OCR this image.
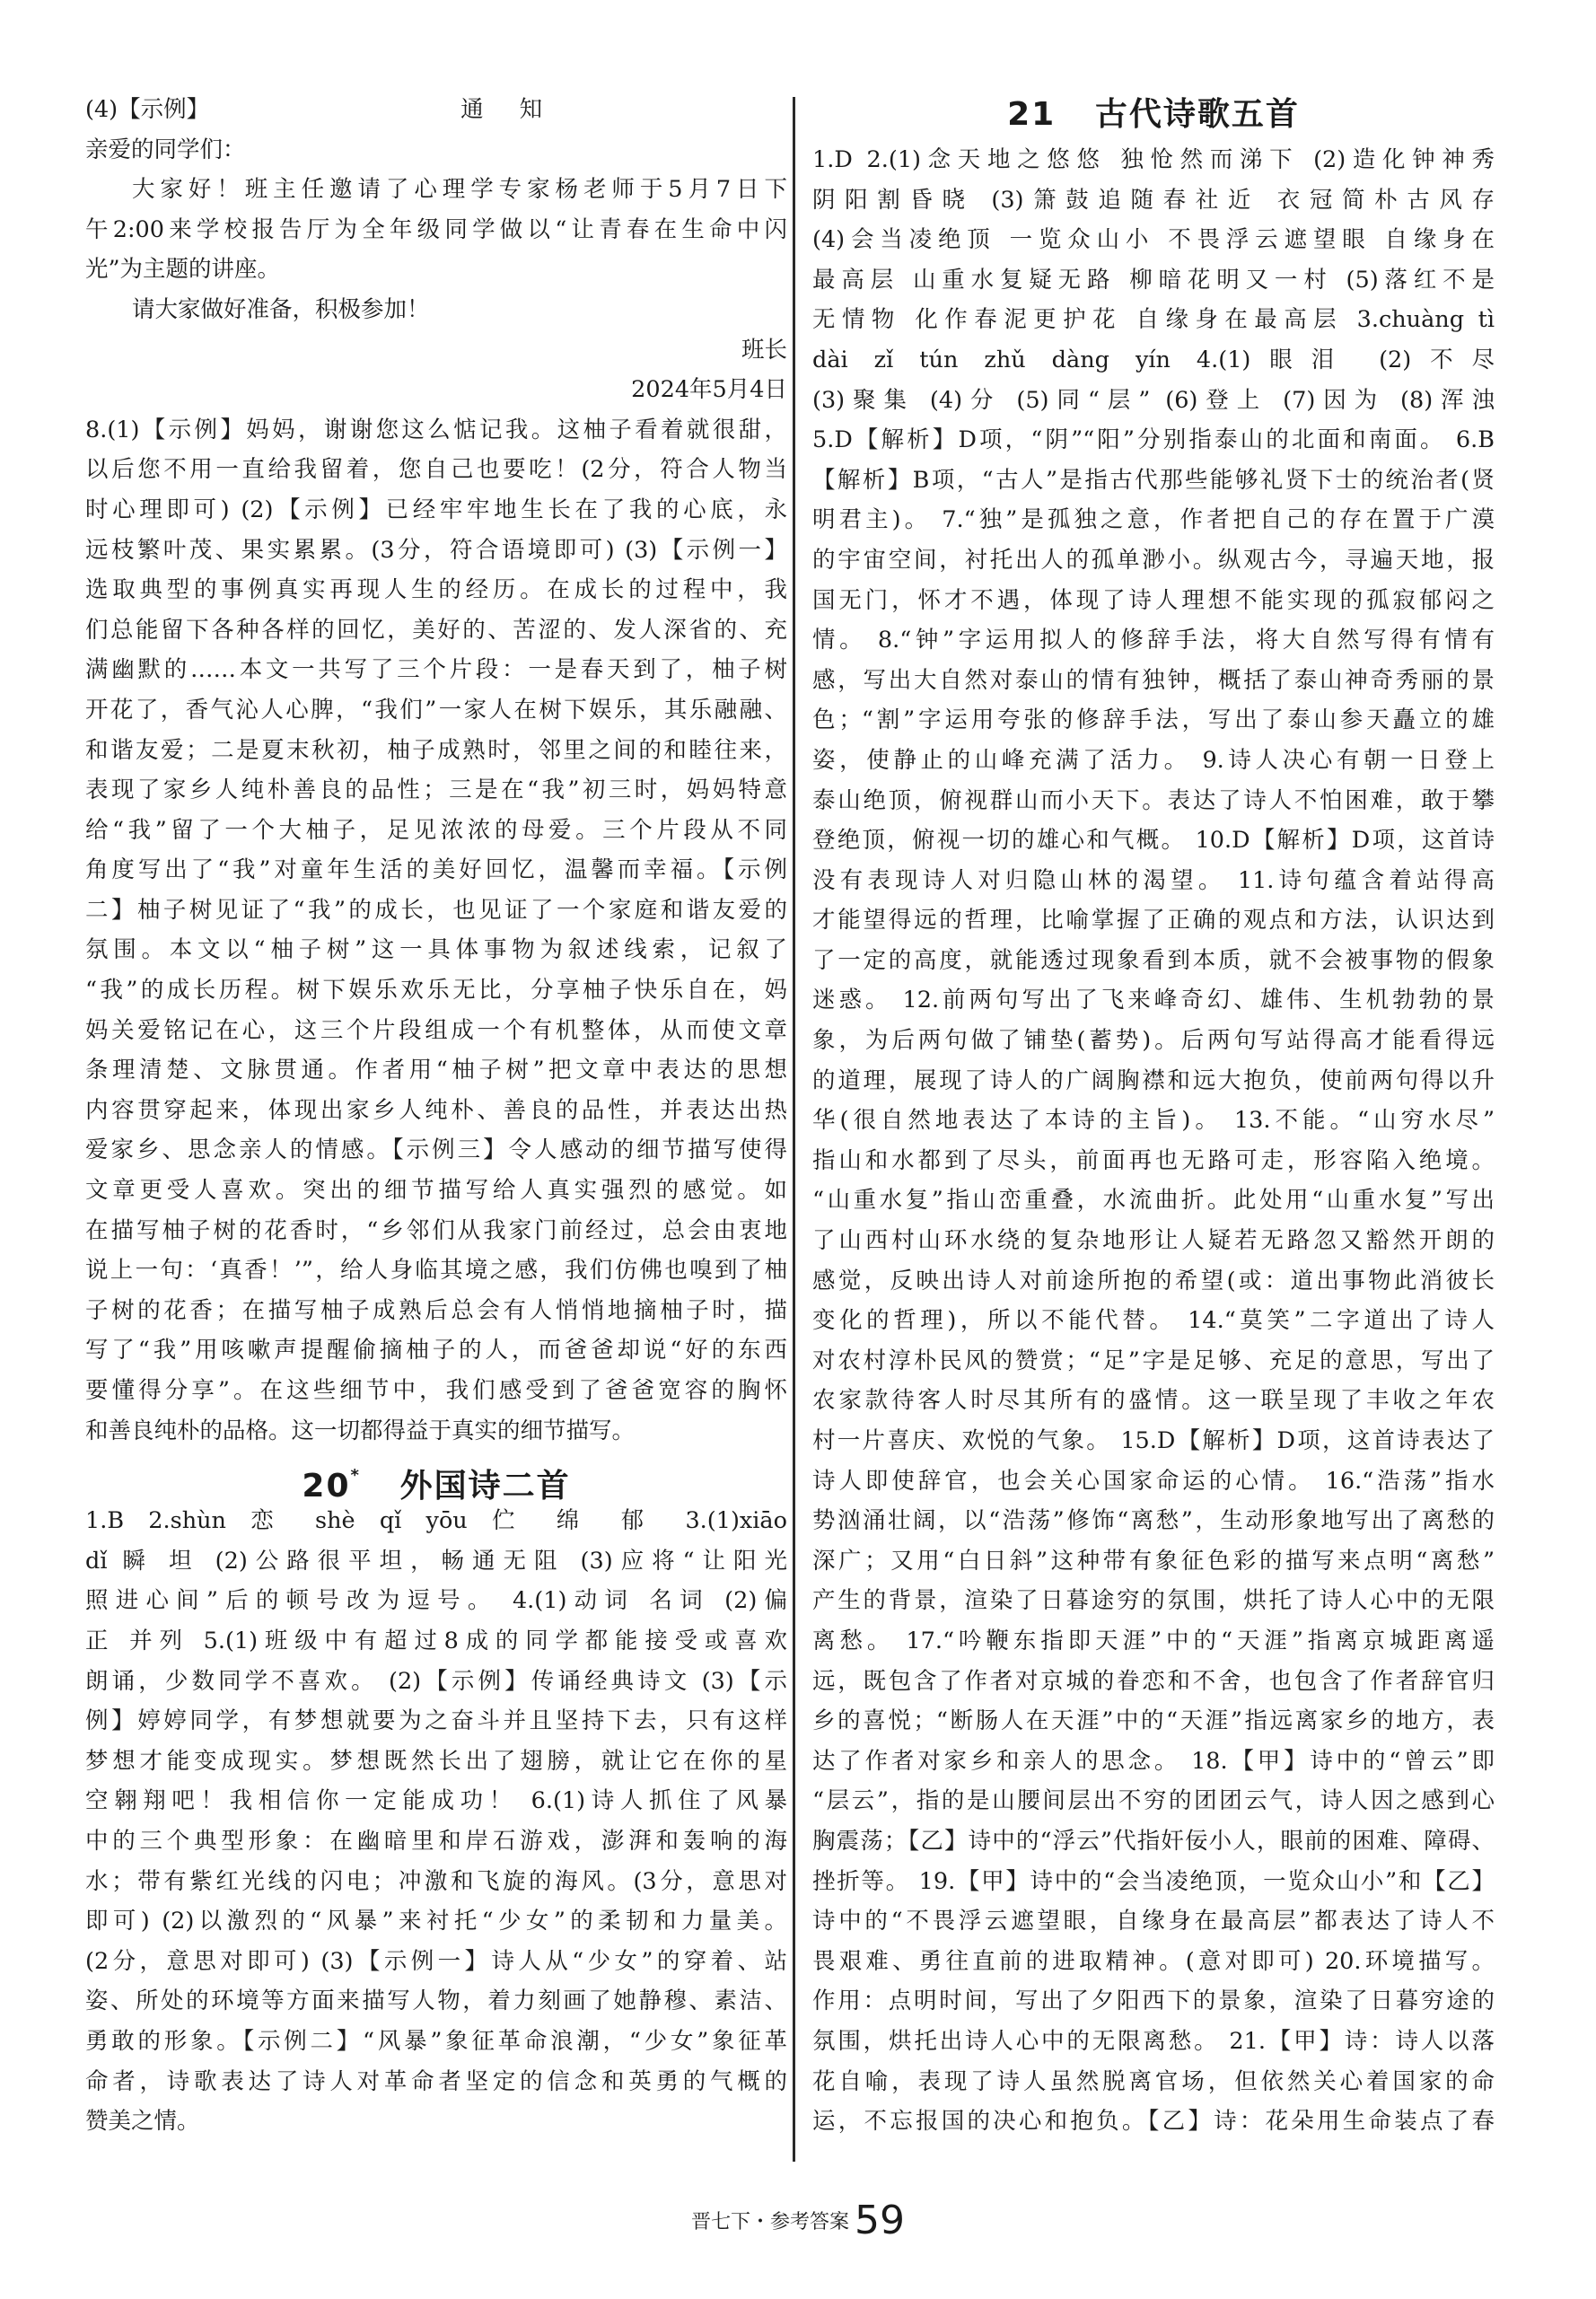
(4)【示例】	通知
亲爱的同学们：
大家好！班主任邀请了心理学专家杨老师于5月7日下
午2:00来学校报告厅为全年级同学做以“让青春在生命中闪
光”为主题的讲座。
请大家做好准备，积极参加！
班长
2024年5月4日
8.(1)【示例】妈妈，谢谢您这么惦记我。这柚子看着就很甜，
以后您不用一直给我留着，您自己也要吃！(2分，符合人物当
时心理即可) (2)【示例】已经牢牢地生长在了我的心底，永
远枝繁叶茂、果实累累。(3分，符合语境即可) (3)【示例一】
选取典型的事例真实再现人生的经历。在成长的过程中，我
们总能留下各种各样的回忆，美好的、苦涩的、发人深省的、充
满幽默的……本文一共写了三个片段：一是春天到了，柚子树
开花了，香气沁人心脾，“我们”一家人在树下娱乐，其乐融融、
和谐友爱；二是夏末秋初，柚子成熟时，邻里之间的和睦往来，
表现了家乡人纯朴善良的品性；三是在“我”初三时，妈妈特意
给“我”留了一个大柚子，足见浓浓的母爱。三个片段从不同
角度写出了“我”对童年生活的美好回忆，温馨而幸福。【示例
二】柚子树见证了“我”的成长，也见证了一个家庭和谐友爱的
氛围。本文以“柚子树”这一具体事物为叙述线索，记叙了
“我”的成长历程。树下娱乐欢乐无比，分享柚子快乐自在，妈
妈关爱铭记在心，这三个片段组成一个有机整体，从而使文章
条理清楚、文脉贯通。作者用“柚子树”把文章中表达的思想
内容贯穿起来，体现出家乡人纯朴、善良的品性，并表达出热
爱家乡、思念亲人的情感。【示例三】令人感动的细节描写使得
文章更受人喜欢。突出的细节描写给人真实强烈的感觉。如
在描写柚子树的花香时，“乡邻们从我家门前经过，总会由衷地
说上一句：‘真香！’”，给人身临其境之感，我们仿佛也嗅到了柚
子树的花香；在描写柚子成熟后总会有人悄悄地摘柚子时，描
写了“我”用咳嗽声提醒偷摘柚子的人，而爸爸却说“好的东西
要懂得分享”。在这些细节中，我们感受到了爸爸宽容的胸怀
和善良纯朴的品格。这一切都得益于真实的细节描写。
20* 外国诗二首
1.B 2.shùn 恋 shè qǐ yōu 伫 绵 郁 3.(1)xiāo
dǐ 瞬 坦 (2)公路很平坦，畅通无阻 (3)应将“让阳光
照进心间”后的顿号改为逗号。 4.(1)动词 名词 (2)偏
正 并列 5.(1)班级中有超过8成的同学都能接受或喜欢
朗诵，少数同学不喜欢。 (2)【示例】传诵经典诗文 (3)【示
例】婷婷同学，有梦想就要为之奋斗并且坚持下去，只有这样
梦想才能变成现实。梦想既然长出了翅膀，就让它在你的星
空翱翔吧！我相信你一定能成功！ 6.(1)诗人抓住了风暴
中的三个典型形象：在幽暗里和岸石游戏，澎湃和轰响的海
水；带有紫红光线的闪电；冲激和飞旋的海风。(3分，意思对
即可) (2)以激烈的“风暴”来衬托“少女”的柔韧和力量美。
(2分，意思对即可) (3)【示例一】诗人从“少女”的穿着、站
姿、所处的环境等方面来描写人物，着力刻画了她静穆、素洁、
勇敢的形象。【示例二】“风暴”象征革命浪潮，“少女”象征革
命者，诗歌表达了诗人对革命者坚定的信念和英勇的气概的
赞美之情。
21 古代诗歌五首
1.D 2.(1)念天地之悠悠 独怆然而涕下 (2)造化钟神秀
阴阳割昏晓 (3)箫鼓追随春社近 衣冠简朴古风存
(4)会当凌绝顶 一览众山小 不畏浮云遮望眼 自缘身在
最高层 山重水复疑无路 柳暗花明又一村 (5)落红不是
无情物 化作春泥更护花 自缘身在最高层 3.chuàng tì
dài zǐ tún zhǔ dàng yín 4.(1)眼泪 (2)不尽
(3)聚集 (4)分 (5)同“层” (6)登上 (7)因为 (8)浑浊
5.D【解析】D项，“阴”“阳”分别指泰山的北面和南面。 6.B
【解析】B项，“古人”是指古代那些能够礼贤下士的统治者(贤
明君主)。 7.“独”是孤独之意，作者把自己的存在置于广漠
的宇宙空间，衬托出人的孤单渺小。纵观古今，寻遍天地，报
国无门，怀才不遇，体现了诗人理想不能实现的孤寂郁闷之
情。 8.“钟”字运用拟人的修辞手法，将大自然写得有情有
感，写出大自然对泰山的情有独钟，概括了泰山神奇秀丽的景
色；“割”字运用夸张的修辞手法，写出了泰山参天矗立的雄
姿，使静止的山峰充满了活力。 9.诗人决心有朝一日登上
泰山绝顶，俯视群山而小天下。表达了诗人不怕困难，敢于攀
登绝顶，俯视一切的雄心和气概。 10.D【解析】D项，这首诗
没有表现诗人对归隐山林的渴望。 11.诗句蕴含着站得高
才能望得远的哲理，比喻掌握了正确的观点和方法，认识达到
了一定的高度，就能透过现象看到本质，就不会被事物的假象
迷惑。 12.前两句写出了飞来峰奇幻、雄伟、生机勃勃的景
象，为后两句做了铺垫(蓄势)。后两句写站得高才能看得远
的道理，展现了诗人的广阔胸襟和远大抱负，使前两句得以升
华(很自然地表达了本诗的主旨)。 13.不能。“山穷水尽”
指山和水都到了尽头，前面再也无路可走，形容陷入绝境。
“山重水复”指山峦重叠，水流曲折。此处用“山重水复”写出
了山西村山环水绕的复杂地形让人疑若无路忽又豁然开朗的
感觉，反映出诗人对前途所抱的希望(或：道出事物此消彼长
变化的哲理)，所以不能代替。 14.“莫笑”二字道出了诗人
对农村淳朴民风的赞赏；“足”字是足够、充足的意思，写出了
农家款待客人时尽其所有的盛情。这一联呈现了丰收之年农
村一片喜庆、欢悦的气象。 15.D【解析】D项，这首诗表达了
诗人即使辞官，也会关心国家命运的心情。 16.“浩荡”指水
势汹涌壮阔，以“浩荡”修饰“离愁”，生动形象地写出了离愁的
深广；又用“白日斜”这种带有象征色彩的描写来点明“离愁”
产生的背景，渲染了日暮途穷的氛围，烘托了诗人心中的无限
离愁。 17.“吟鞭东指即天涯”中的“天涯”指离京城距离遥
远，既包含了作者对京城的眷恋和不舍，也包含了作者辞官归
乡的喜悦；“断肠人在天涯”中的“天涯”指远离家乡的地方，表
达了作者对家乡和亲人的思念。 18.【甲】诗中的“曾云”即
“层云”，指的是山腰间层出不穷的团团云气，诗人因之感到心
胸震荡；【乙】诗中的“浮云”代指奸佞小人，眼前的困难、障碍、
挫折等。 19.【甲】诗中的“会当凌绝顶，一览众山小”和【乙】
诗中的“不畏浮云遮望眼，自缘身在最高层”都表达了诗人不
畏艰难、勇往直前的进取精神。(意对即可) 20.环境描写。
作用：点明时间，写出了夕阳西下的景象，渲染了日暮穷途的
氛围，烘托出诗人心中的无限离愁。 21.【甲】诗：诗人以落
花自喻，表现了诗人虽然脱离官场，但依然关心着国家的命
运，不忘报国的决心和抱负。【乙】诗：花朵用生命装点了春
晋七下・参考答案 59
